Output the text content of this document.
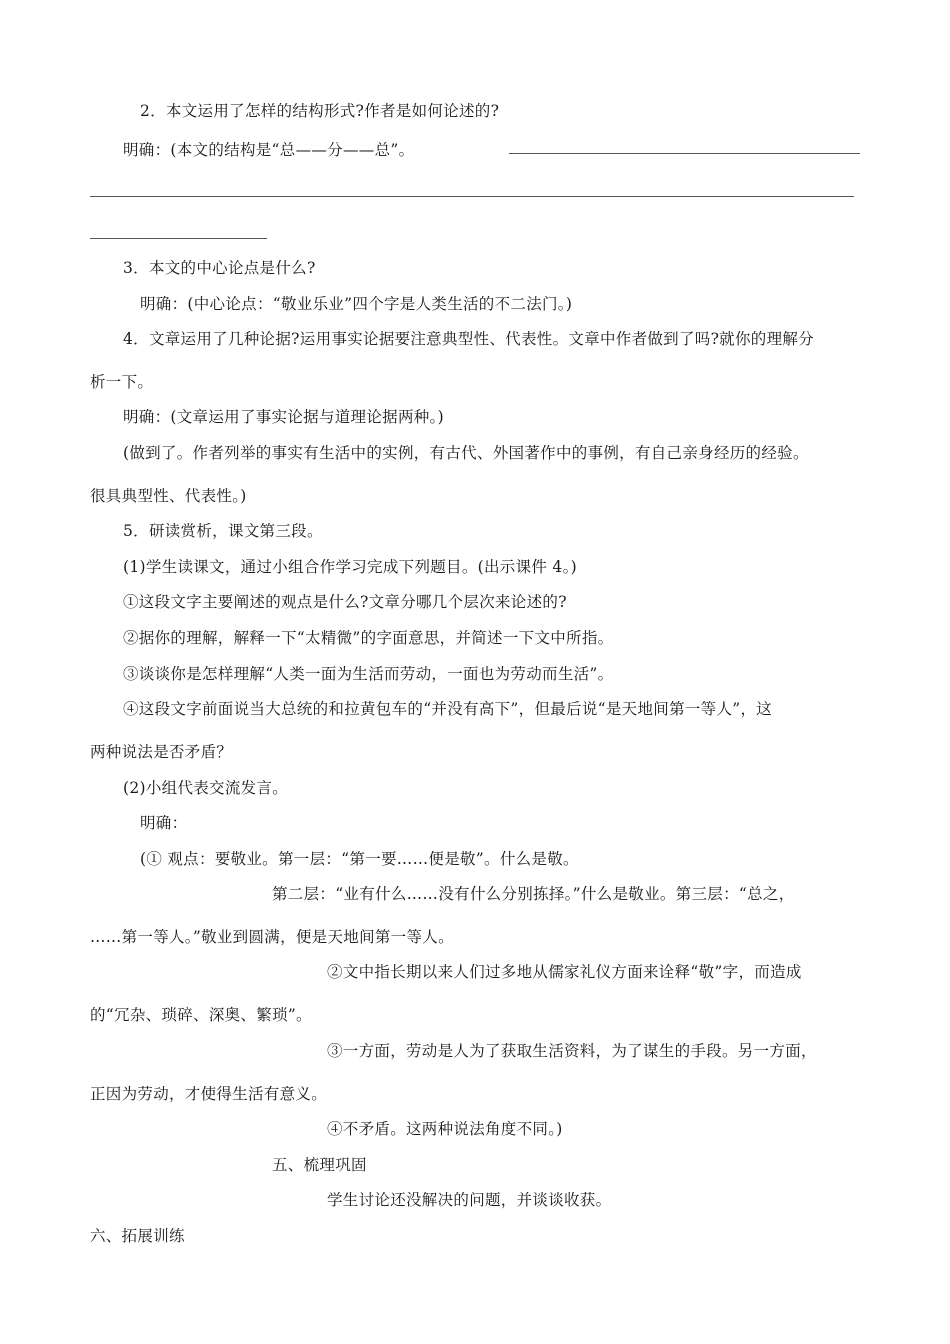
2．本文运用了怎样的结构形式?作者是如何论述的?
明确：(本文的结构是“总——分——总”。
3．本文的中心论点是什么?
明确：(中心论点：“敬业乐业”四个字是人类生活的不二法门。)
4．文章运用了几种论据?运用事实论据要注意典型性、代表性。文章中作者做到了吗?就你的理解分
析一下。
明确：(文章运用了事实论据与道理论据两种。)
(做到了。作者列举的事实有生活中的实例，有古代、外国著作中的事例，有自己亲身经历的经验。
很具典型性、代表性。)
5．研读赏析，课文第三段。
(1)学生读课文，通过小组合作学习完成下列题目。(出示课件 4。)
①这段文字主要阐述的观点是什么?文章分哪几个层次来论述的?
②据你的理解，解释一下“太精微”的字面意思，并简述一下文中所指。
③谈谈你是怎样理解“人类一面为生活而劳动，一面也为劳动而生活”。
④这段文字前面说当大总统的和拉黄包车的“并没有高下”，但最后说“是天地间第一等人”，这
两种说法是否矛盾？
(2)小组代表交流发言。
明确：
(① 观点：要敬业。第一层：“第一要……便是敬”。什么是敬。
第二层：“业有什么……没有什么分别拣择。”什么是敬业。第三层：“总之，
……第一等人。”敬业到圆满，便是天地间第一等人。
②文中指长期以来人们过多地从儒家礼仪方面来诠释“敬”字，而造成
的“冗杂、琐碎、深奥、繁琐”。
③一方面，劳动是人为了获取生活资料，为了谋生的手段。另一方面，
正因为劳动，才使得生活有意义。
④不矛盾。这两种说法角度不同。)
五、梳理巩固
学生讨论还没解决的问题，并谈谈收获。
六、拓展训练
